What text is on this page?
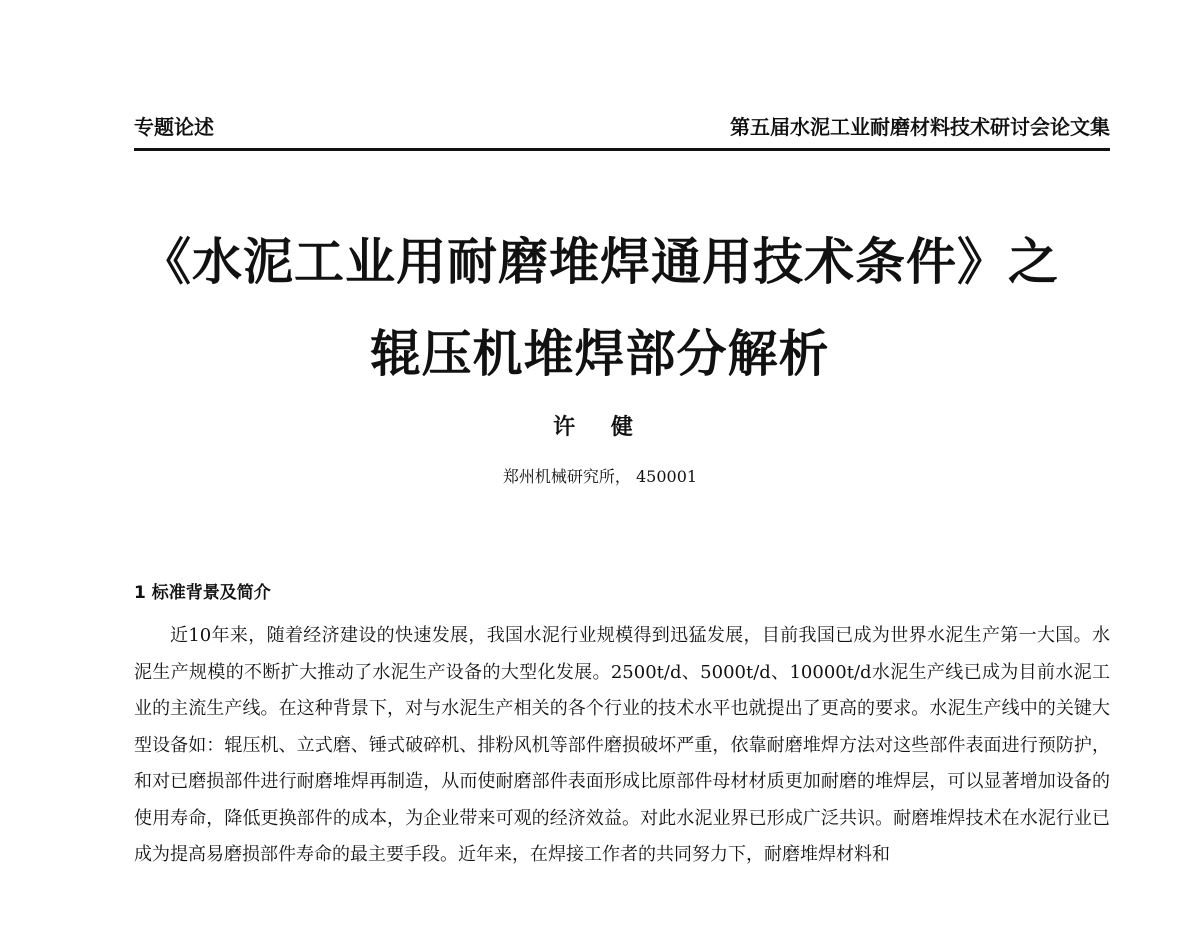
专题论述	第五届水泥工业耐磨材料技术研讨会论文集
《水泥工业用耐磨堆焊通用技术条件》之
辊压机堆焊部分解析
许 健
郑州机械研究所， 450001
1 标准背景及简介
近10年来，随着经济建设的快速发展，我国水泥行业规模得到迅猛发展，目前我国已成为世界水泥生产第一大国。水泥生产规模的不断扩大推动了水泥生产设备的大型化发展。2500t/d、5000t/d、10000t/d水泥生产线已成为目前水泥工业的主流生产线。在这种背景下，对与水泥生产相关的各个行业的技术水平也就提出了更高的要求。水泥生产线中的关键大型设备如：辊压机、立式磨、锤式破碎机、排粉风机等部件磨损破坏严重，依靠耐磨堆焊方法对这些部件表面进行预防护，和对已磨损部件进行耐磨堆焊再制造，从而使耐磨部件表面形成比原部件母材材质更加耐磨的堆焊层，可以显著增加设备的使用寿命，降低更换部件的成本，为企业带来可观的经济效益。对此水泥业界已形成广泛共识。耐磨堆焊技术在水泥行业已成为提高易磨损部件寿命的最主要手段。近年来，在焊接工作者的共同努力下，耐磨堆焊材料和
